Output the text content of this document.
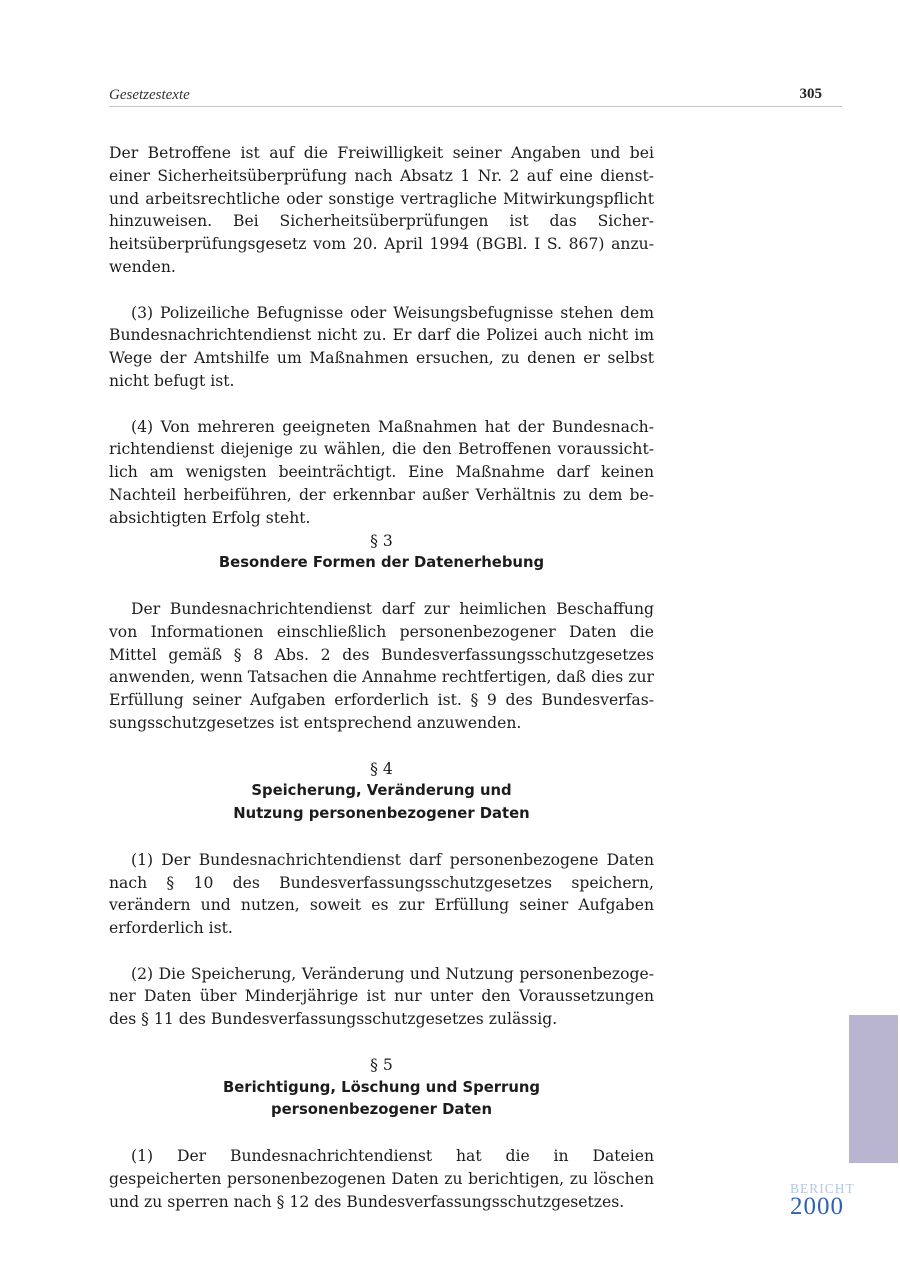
Gesetzestexte	305

Der Betroffene ist auf die Freiwilligkeit seiner Angaben und bei einer Sicherheitsüberprüfung nach Absatz 1 Nr. 2 auf eine dienst- und arbeitsrechtliche oder sonstige vertragliche Mitwirkungspflicht hinzuweisen. Bei Sicherheitsüberprüfungen ist das Sicherheitsüberprüfungsgesetz vom 20. April 1994 (BGBl. I S. 867) anzuwenden.

(3) Polizeiliche Befugnisse oder Weisungsbefugnisse stehen dem Bundesnachrichtendienst nicht zu. Er darf die Polizei auch nicht im Wege der Amtshilfe um Maßnahmen ersuchen, zu denen er selbst nicht befugt ist.

(4) Von mehreren geeigneten Maßnahmen hat der Bundesnachrichtendienst diejenige zu wählen, die den Betroffenen voraussichtlich am wenigsten beeinträchtigt. Eine Maßnahme darf keinen Nachteil herbeiführen, der erkennbar außer Verhältnis zu dem beabsichtigten Erfolg steht.

§ 3

Besondere Formen der Datenerhebung

Der Bundesnachrichtendienst darf zur heimlichen Beschaffung von Informationen einschließlich personenbezogener Daten die Mittel gemäß § 8 Abs. 2 des Bundesverfassungsschutzgesetzes anwenden, wenn Tatsachen die Annahme rechtfertigen, daß dies zur Erfüllung seiner Aufgaben erforderlich ist. § 9 des Bundesverfassungsschutzgesetzes ist entsprechend anzuwenden.

§ 4

Speicherung, Veränderung und

Nutzung personenbezogener Daten

(1) Der Bundesnachrichtendienst darf personenbezogene Daten nach § 10 des Bundesverfassungsschutzgesetzes speichern, verändern und nutzen, soweit es zur Erfüllung seiner Aufgaben erforderlich ist.

(2) Die Speicherung, Veränderung und Nutzung personenbezogener Daten über Minderjährige ist nur unter den Voraussetzungen des § 11 des Bundesverfassungsschutzgesetzes zulässig.

§ 5

Berichtigung, Löschung und Sperrung

personenbezogener Daten

(1) Der Bundesnachrichtendienst hat die in Dateien gespeicherten personenbezogenen Daten zu berichtigen, zu löschen und zu sperren nach § 12 des Bundesverfassungsschutzgesetzes.

BERICHT
2000
